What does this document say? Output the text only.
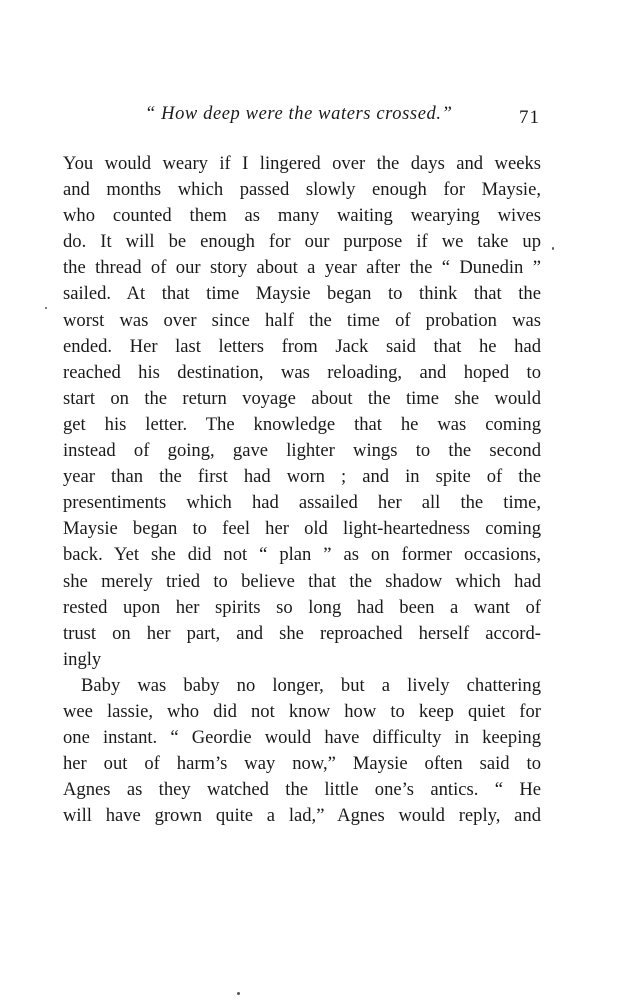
“ How deep were the waters crossed.”	71
You would weary if I lingered over the days and weeks
and months which passed slowly enough for Maysie,
who counted them as many waiting wearying wives
do. It will be enough for our purpose if we take up
the thread of our story about a year after the “ Dunedin ”
sailed. At that time Maysie began to think that the
worst was over since half the time of probation was
ended. Her last letters from Jack said that he had
reached his destination, was reloading, and hoped to
start on the return voyage about the time she would
get his letter. The knowledge that he was coming
instead of going, gave lighter wings to the second
year than the first had worn ; and in spite of the
presentiments which had assailed her all the time,
Maysie began to feel her old light-heartedness coming
back. Yet she did not “ plan ” as on former occasions,
she merely tried to believe that the shadow which had
rested upon her spirits so long had been a want of
trust on her part, and she reproached herself accord-
ingly
Baby was baby no longer, but a lively chattering
wee lassie, who did not know how to keep quiet for
one instant. “ Geordie would have difficulty in keeping
her out of harm’s way now,” Maysie often said to
Agnes as they watched the little one’s antics. “ He
will have grown quite a lad,” Agnes would reply, and
